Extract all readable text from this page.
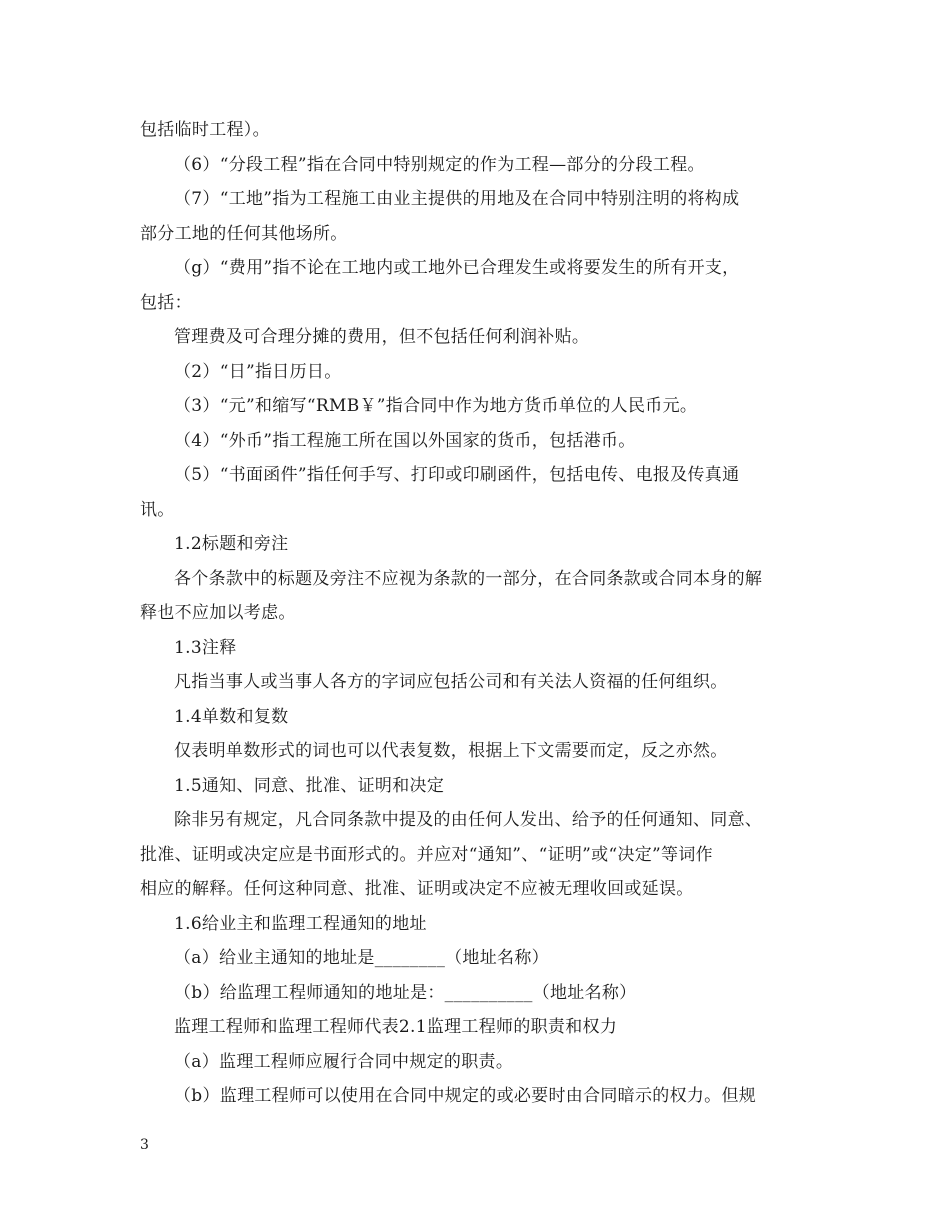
包括临时工程）。
（6）“分段工程”指在合同中特别规定的作为工程—部分的分段工程。
（7）“工地”指为工程施工由业主提供的用地及在合同中特别注明的将构成
部分工地的任何其他场所。
（g）“费用”指不论在工地内或工地外已合理发生或将要发生的所有开支，
包括：
管理费及可合理分摊的费用，但不包括任何利润补贴。
（2）“日”指日历日。
（3）“元”和缩写“RMB￥”指合同中作为地方货币单位的人民币元。
（4）“外币”指工程施工所在国以外国家的货币，包括港币。
（5）“书面函件”指任何手写、打印或印刷函件，包括电传、电报及传真通
讯。
1.2标题和旁注
各个条款中的标题及旁注不应视为条款的一部分，在合同条款或合同本身的解
释也不应加以考虑。
1.3注释
凡指当事人或当事人各方的字词应包括公司和有关法人资福的任何组织。
1.4单数和复数
仅表明单数形式的词也可以代表复数，根据上下文需要而定，反之亦然。
1.5通知、同意、批准、证明和决定
除非另有规定，凡合同条款中提及的由任何人发出、给予的任何通知、同意、
批准、证明或决定应是书面形式的。并应对“通知”、“证明”或“决定”等词作
相应的解释。任何这种同意、批准、证明或决定不应被无理收回或延误。
1.6给业主和监理工程通知的地址
（a）给业主通知的地址是________（地址名称）
（b）给监理工程师通知的地址是：__________（地址名称）
监理工程师和监理工程师代表2.1监理工程师的职责和权力
（a）监理工程师应履行合同中规定的职责。
（b）监理工程师可以使用在合同中规定的或必要时由合同暗示的权力。但规
3
